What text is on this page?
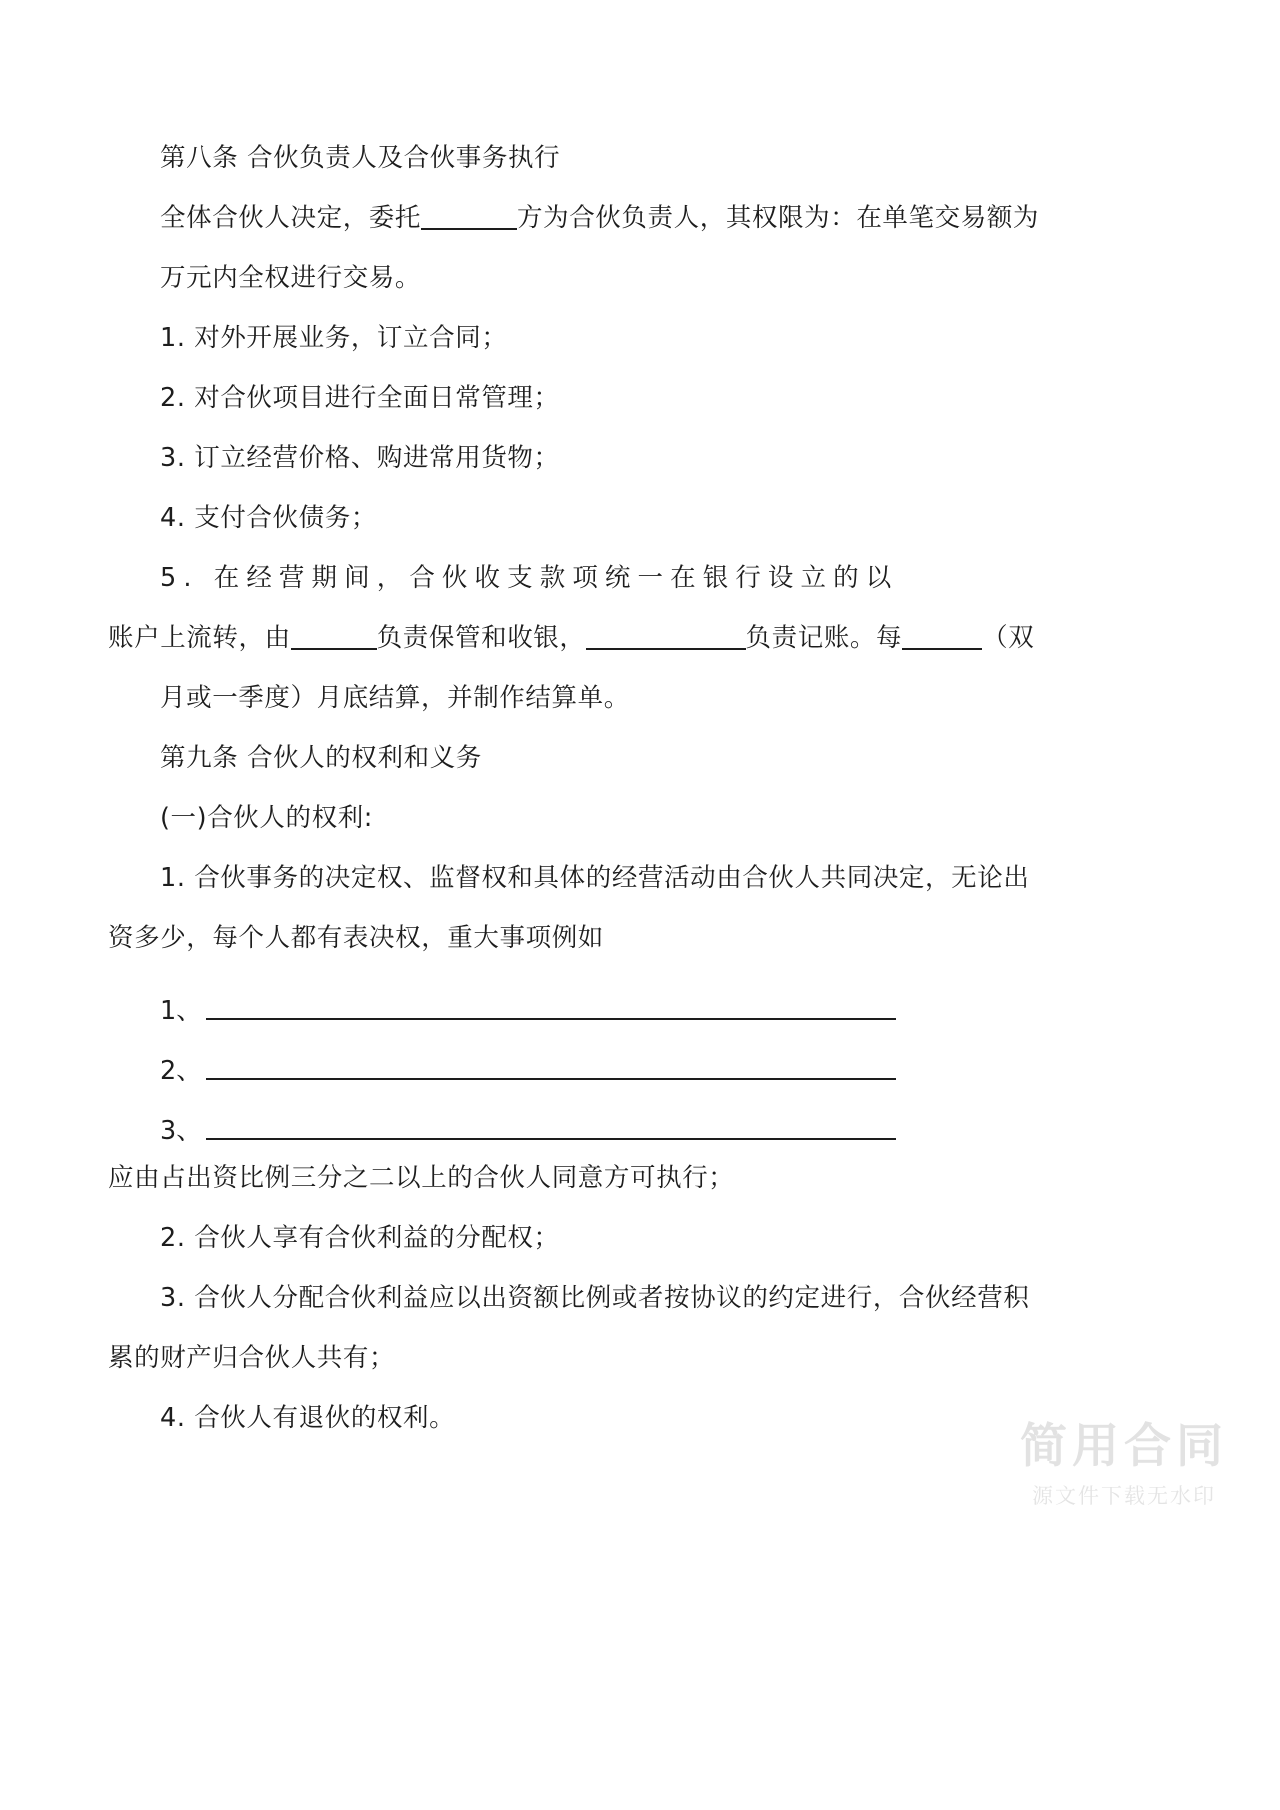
第八条 合伙负责人及合伙事务执行

全体合伙人决定，委托	方为合伙负责人，其权限为：在单笔交易额为

万元内全权进行交易。

1. 对外开展业务，订立合同；

2. 对合伙项目进行全面日常管理；

3. 订立经营价格、购进常用货物；

4. 支付合伙债务；

5. 在经营期间，合伙收支款项统一在银行设立的以

账户上流转，由	负责保管和收银，	负责记账。每	（双

月或一季度）月底结算，并制作结算单。

第九条 合伙人的权利和义务

(一)合伙人的权利:

1. 合伙事务的决定权、监督权和具体的经营活动由合伙人共同决定，无论出

资多少，每个人都有表决权，重大事项例如

1、
2、
3、

应由占出资比例三分之二以上的合伙人同意方可执行；

2. 合伙人享有合伙利益的分配权；

3. 合伙人分配合伙利益应以出资额比例或者按协议的约定进行，合伙经营积

累的财产归合伙人共有；

4. 合伙人有退伙的权利。

简用合同
源文件下载无水印
